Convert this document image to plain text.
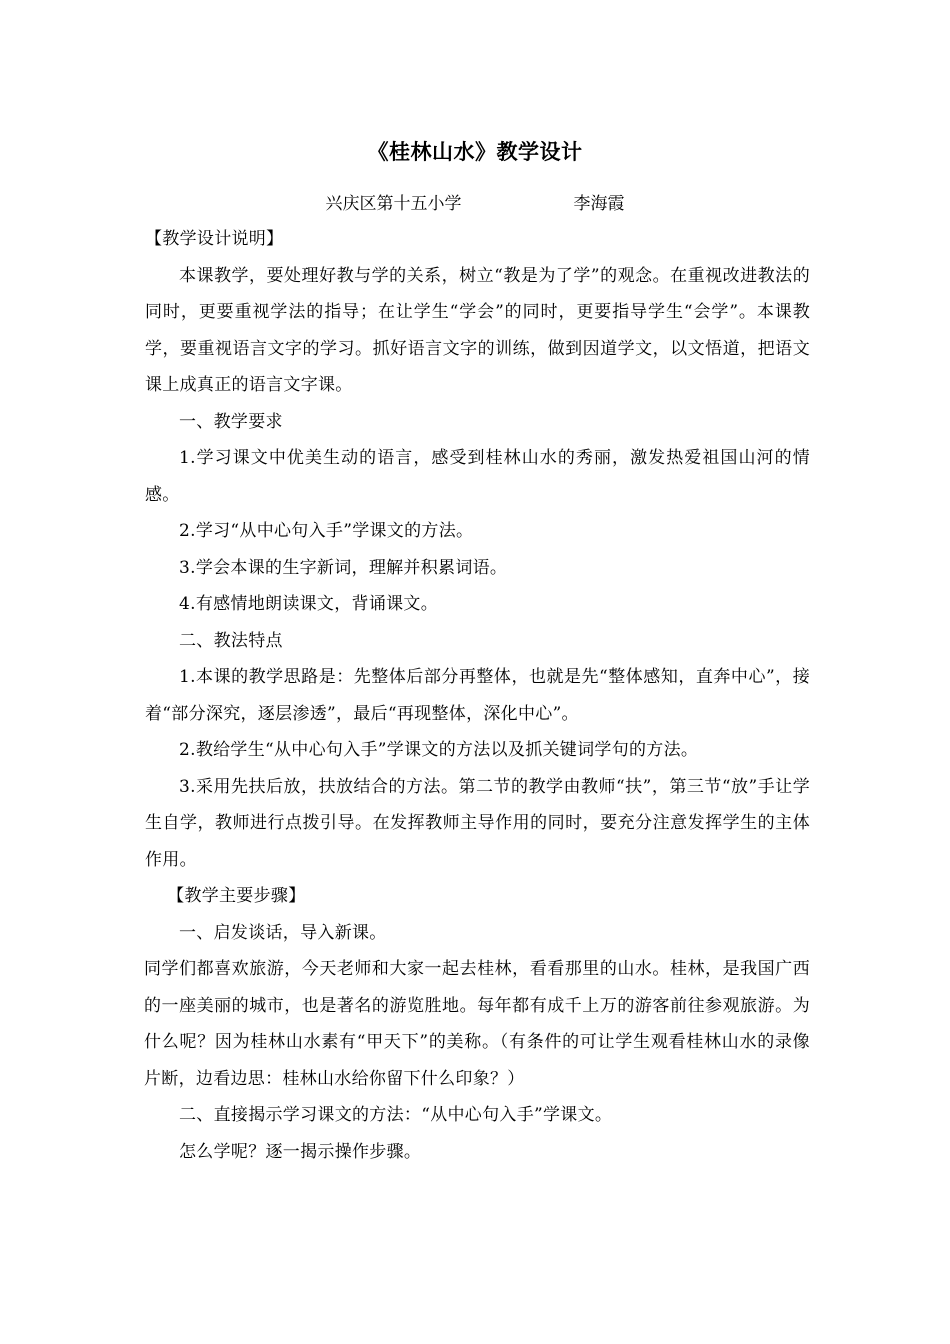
《桂林山水》教学设计
兴庆区第十五小学	李海霞

【教学设计说明】

本课教学，要处理好教与学的关系，树立“教是为了学”的观念。在重视改进教法的同时，更要重视学法的指导；在让学生“学会”的同时，更要指导学生“会学”。本课教学，要重视语言文字的学习。抓好语言文字的训练，做到因道学文，以文悟道，把语文课上成真正的语言文字课。

一、教学要求

1.学习课文中优美生动的语言，感受到桂林山水的秀丽，激发热爱祖国山河的情感。

2.学习“从中心句入手”学课文的方法。

3.学会本课的生字新词，理解并积累词语。

4.有感情地朗读课文，背诵课文。

二、教法特点

1.本课的教学思路是：先整体后部分再整体，也就是先“整体感知，直奔中心”，接着“部分深究，逐层渗透”，最后“再现整体，深化中心”。

2.教给学生“从中心句入手”学课文的方法以及抓关键词学句的方法。

3.采用先扶后放，扶放结合的方法。第二节的教学由教师“扶”，第三节“放”手让学生自学，教师进行点拨引导。在发挥教师主导作用的同时，要充分注意发挥学生的主体作用。

【教学主要步骤】

一、启发谈话，导入新课。

同学们都喜欢旅游，今天老师和大家一起去桂林，看看那里的山水。桂林，是我国广西的一座美丽的城市，也是著名的游览胜地。每年都有成千上万的游客前往参观旅游。为什么呢？因为桂林山水素有“甲天下”的美称。（有条件的可让学生观看桂林山水的录像片断，边看边思：桂林山水给你留下什么印象？）

二、直接揭示学习课文的方法：“从中心句入手”学课文。

怎么学呢？逐一揭示操作步骤。
